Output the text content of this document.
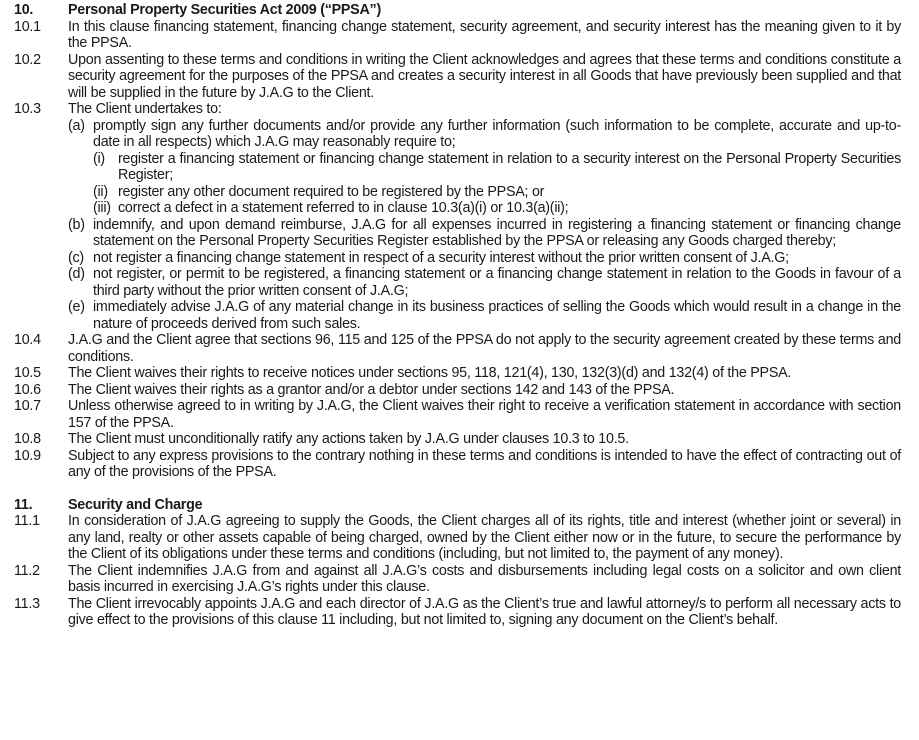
10. Personal Property Securities Act 2009 (“PPSA”)
10.1 In this clause financing statement, financing change statement, security agreement, and security interest has the meaning given to it by the PPSA.
10.2 Upon assenting to these terms and conditions in writing the Client acknowledges and agrees that these terms and conditions constitute a security agreement for the purposes of the PPSA and creates a security interest in all Goods that have previously been supplied and that will be supplied in the future by J.A.G to the Client.
10.3 The Client undertakes to:
(a) promptly sign any further documents and/or provide any further information (such information to be complete, accurate and up-to-date in all respects) which J.A.G may reasonably require to;
(i) register a financing statement or financing change statement in relation to a security interest on the Personal Property Securities Register;
(ii) register any other document required to be registered by the PPSA; or
(iii) correct a defect in a statement referred to in clause 10.3(a)(i) or 10.3(a)(ii);
(b) indemnify, and upon demand reimburse, J.A.G for all expenses incurred in registering a financing statement or financing change statement on the Personal Property Securities Register established by the PPSA or releasing any Goods charged thereby;
(c) not register a financing change statement in respect of a security interest without the prior written consent of J.A.G;
(d) not register, or permit to be registered, a financing statement or a financing change statement in relation to the Goods in favour of a third party without the prior written consent of J.A.G;
(e) immediately advise J.A.G of any material change in its business practices of selling the Goods which would result in a change in the nature of proceeds derived from such sales.
10.4 J.A.G and the Client agree that sections 96, 115 and 125 of the PPSA do not apply to the security agreement created by these terms and conditions.
10.5 The Client waives their rights to receive notices under sections 95, 118, 121(4), 130, 132(3)(d) and 132(4) of the PPSA.
10.6 The Client waives their rights as a grantor and/or a debtor under sections 142 and 143 of the PPSA.
10.7 Unless otherwise agreed to in writing by J.A.G, the Client waives their right to receive a verification statement in accordance with section 157 of the PPSA.
10.8 The Client must unconditionally ratify any actions taken by J.A.G under clauses 10.3 to 10.5.
10.9 Subject to any express provisions to the contrary nothing in these terms and conditions is intended to have the effect of contracting out of any of the provisions of the PPSA.
11. Security and Charge
11.1 In consideration of J.A.G agreeing to supply the Goods, the Client charges all of its rights, title and interest (whether joint or several) in any land, realty or other assets capable of being charged, owned by the Client either now or in the future, to secure the performance by the Client of its obligations under these terms and conditions (including, but not limited to, the payment of any money).
11.2 The Client indemnifies J.A.G from and against all J.A.G’s costs and disbursements including legal costs on a solicitor and own client basis incurred in exercising J.A.G’s rights under this clause.
11.3 The Client irrevocably appoints J.A.G and each director of J.A.G as the Client’s true and lawful attorney/s to perform all necessary acts to give effect to the provisions of this clause 11 including, but not limited to, signing any document on the Client’s behalf.
